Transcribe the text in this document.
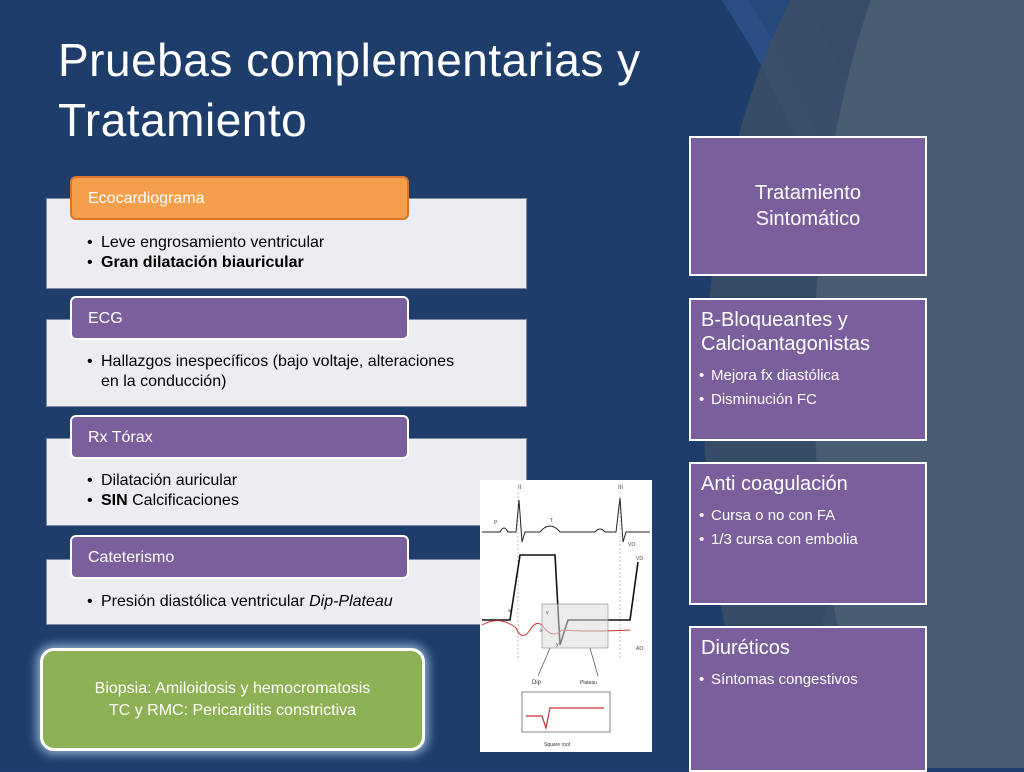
Pruebas complementarias y Tratamiento
• Leve engrosamiento ventricular
• Gran dilatación biauricular
Ecocardiograma
• Hallazgos inespecíficos (bajo voltaje, alteraciones en la conducción)
ECG
• Dilatación auricular
• SIN Calcificaciones
Rx Tórax
• Presión diastólica ventricular Dip-Plateau
Cateterismo
Biopsia: Amiloidosis y hemocromatosis
TC y RMC: Pericarditis constrictiva
II	III
P	T
VD
AD
a	v
x
y
VD
Dip	Plateau
Square root
Tratamiento
Sintomático
B-Bloqueantes y
Calcioantagonistas
• Mejora fx diastólica
• Disminución FC
Anti coagulación
• Cursa o no con FA
• 1/3 cursa con embolia
Diuréticos
• Síntomas congestivos
